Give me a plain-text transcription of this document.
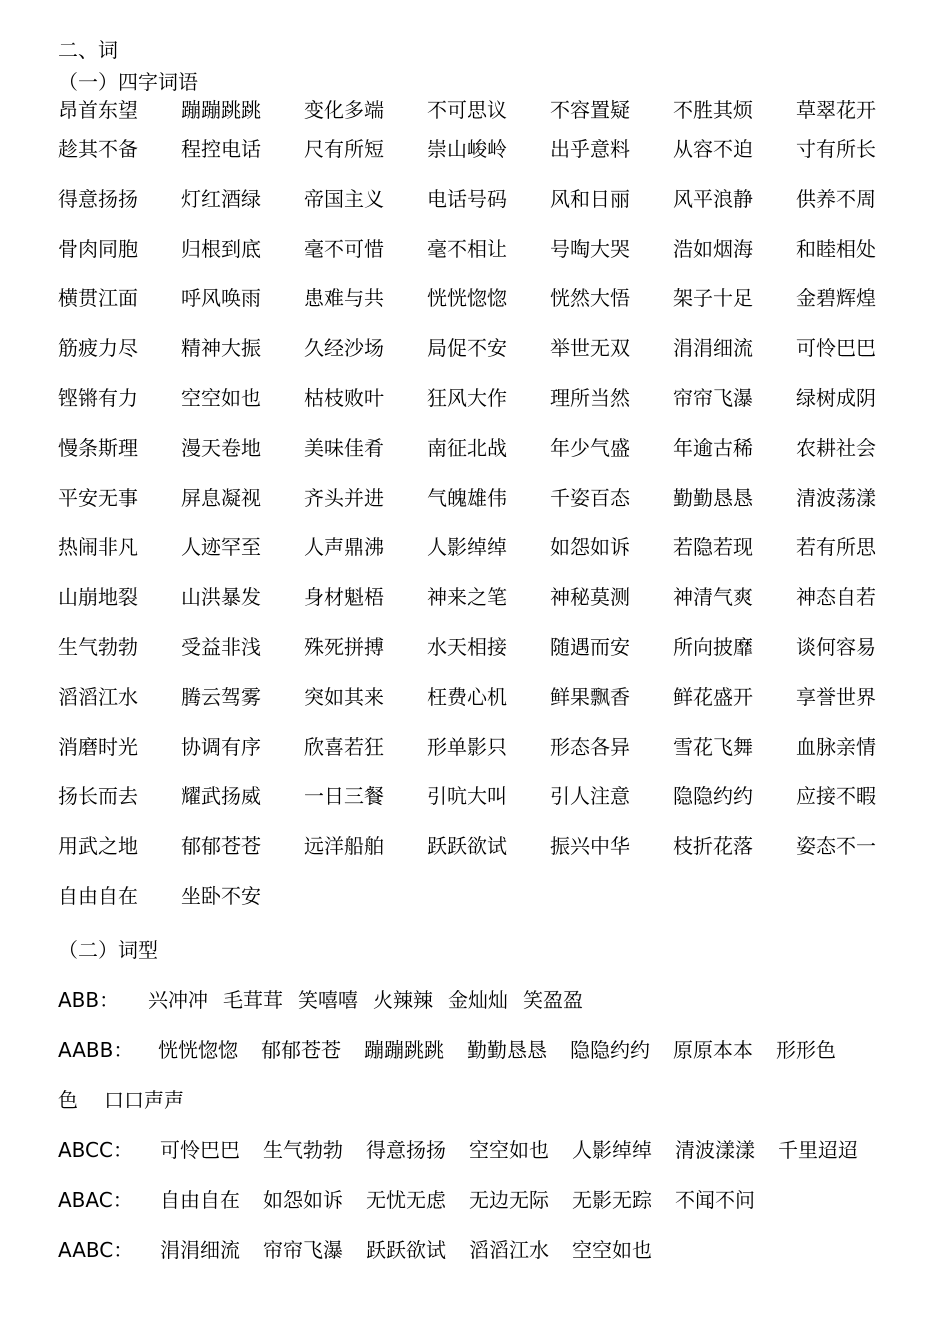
二、词
（一）四字词语
昂首东望 蹦蹦跳跳 变化多端 不可思议 不容置疑 不胜其烦 草翠花开
趁其不备 程控电话 尺有所短 崇山峻岭 出乎意料 从容不迫 寸有所长
得意扬扬 灯红酒绿 帝国主义 电话号码 风和日丽 风平浪静 供养不周
骨肉同胞 归根到底 毫不可惜 毫不相让 号啕大哭 浩如烟海 和睦相处
横贯江面 呼风唤雨 患难与共 恍恍惚惚 恍然大悟 架子十足 金碧辉煌
筋疲力尽 精神大振 久经沙场 局促不安 举世无双 涓涓细流 可怜巴巴
铿锵有力 空空如也 枯枝败叶 狂风大作 理所当然 帘帘飞瀑 绿树成阴
慢条斯理 漫天卷地 美味佳肴 南征北战 年少气盛 年逾古稀 农耕社会
平安无事 屏息凝视 齐头并进 气魄雄伟 千姿百态 勤勤恳恳 清波荡漾
热闹非凡 人迹罕至 人声鼎沸 人影绰绰 如怨如诉 若隐若现 若有所思
山崩地裂 山洪暴发 身材魁梧 神来之笔 神秘莫测 神清气爽 神态自若
生气勃勃 受益非浅 殊死拼搏 水天相接 随遇而安 所向披靡 谈何容易
滔滔江水 腾云驾雾 突如其来 枉费心机 鲜果飘香 鲜花盛开 享誉世界
消磨时光 协调有序 欣喜若狂 形单影只 形态各异 雪花飞舞 血脉亲情
扬长而去 耀武扬威 一日三餐 引吭大叫 引人注意 隐隐约约 应接不暇
用武之地 郁郁苍苍 远洋船舶 跃跃欲试 振兴中华 枝折花落 姿态不一
自由自在 坐卧不安
（二）词型
ABB： 兴冲冲 毛茸茸 笑嘻嘻 火辣辣 金灿灿 笑盈盈
AABB： 恍恍惚惚 郁郁苍苍 蹦蹦跳跳 勤勤恳恳 隐隐约约 原原本本 形形色
色 口口声声
ABCC： 可怜巴巴 生气勃勃 得意扬扬 空空如也 人影绰绰 清波漾漾 千里迢迢
ABAC： 自由自在 如怨如诉 无忧无虑 无边无际 无影无踪 不闻不问
AABC： 涓涓细流 帘帘飞瀑 跃跃欲试 滔滔江水 空空如也
